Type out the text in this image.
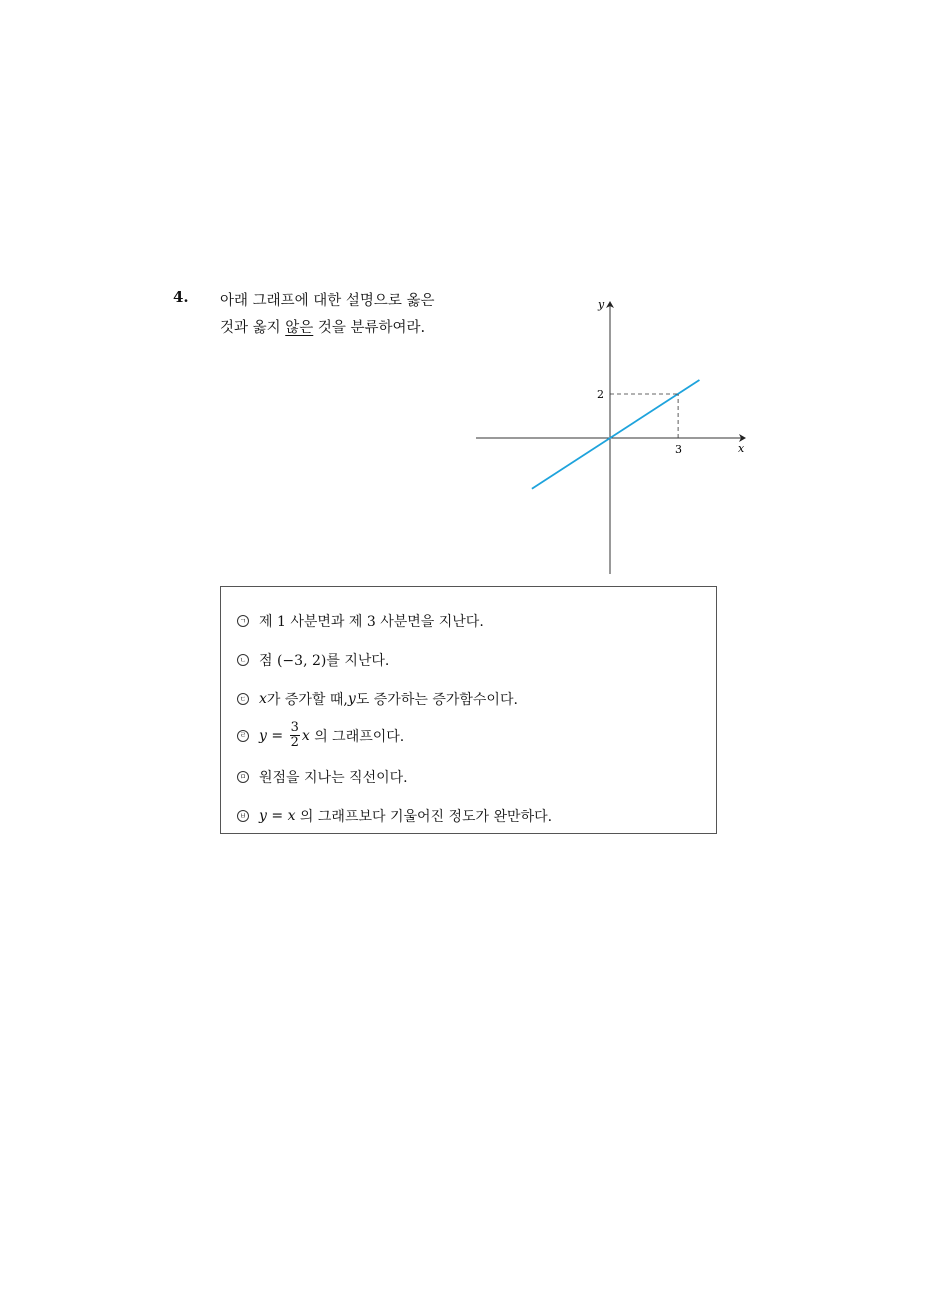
4. 아래 그래프에 대한 설명으로 옳은
것과 옳지 않은 것을 분류하여라.
x
y
3
2
ㄱ 제 1 사분면과 제 3 사분면을 지난다.
ㄴ 점 (−3, 2)를 지난다.
ㄷ x 가 증가할 때, y 도 증가하는 증가함수이다.
ㄹ $y = \frac{3}{2}$ x 의 그래프이다.
ㅁ 원점을 지나는 직선이다.
ㅂ y = x 의 그래프보다 기울어진 정도가 완만하다.
